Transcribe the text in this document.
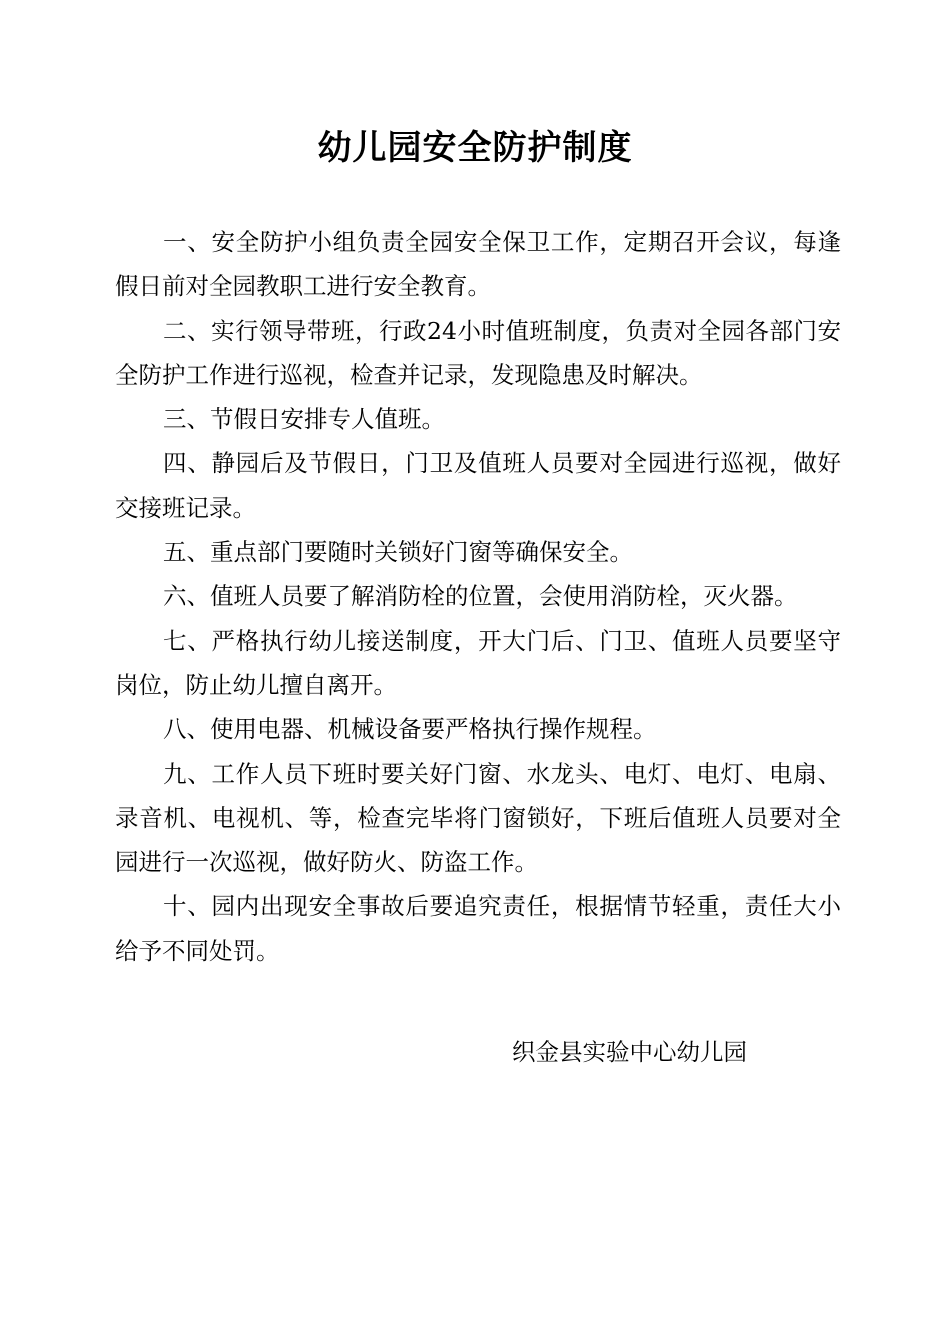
幼儿园安全防护制度

一、安全防护小组负责全园安全保卫工作，定期召开会议，每逢假日前对全园教职工进行安全教育。

二、实行领导带班，行政24小时值班制度，负责对全园各部门安全防护工作进行巡视，检查并记录，发现隐患及时解决。

三、节假日安排专人值班。

四、静园后及节假日，门卫及值班人员要对全园进行巡视，做好交接班记录。

五、重点部门要随时关锁好门窗等确保安全。

六、值班人员要了解消防栓的位置，会使用消防栓，灭火器。

七、严格执行幼儿接送制度，开大门后、门卫、值班人员要坚守岗位，防止幼儿擅自离开。

八、使用电器、机械设备要严格执行操作规程。

九、工作人员下班时要关好门窗、水龙头、电灯、电灯、电扇、录音机、电视机、等，检查完毕将门窗锁好，下班后值班人员要对全园进行一次巡视，做好防火、防盗工作。

十、园内出现安全事故后要追究责任，根据情节轻重，责任大小给予不同处罚。

织金县实验中心幼儿园
